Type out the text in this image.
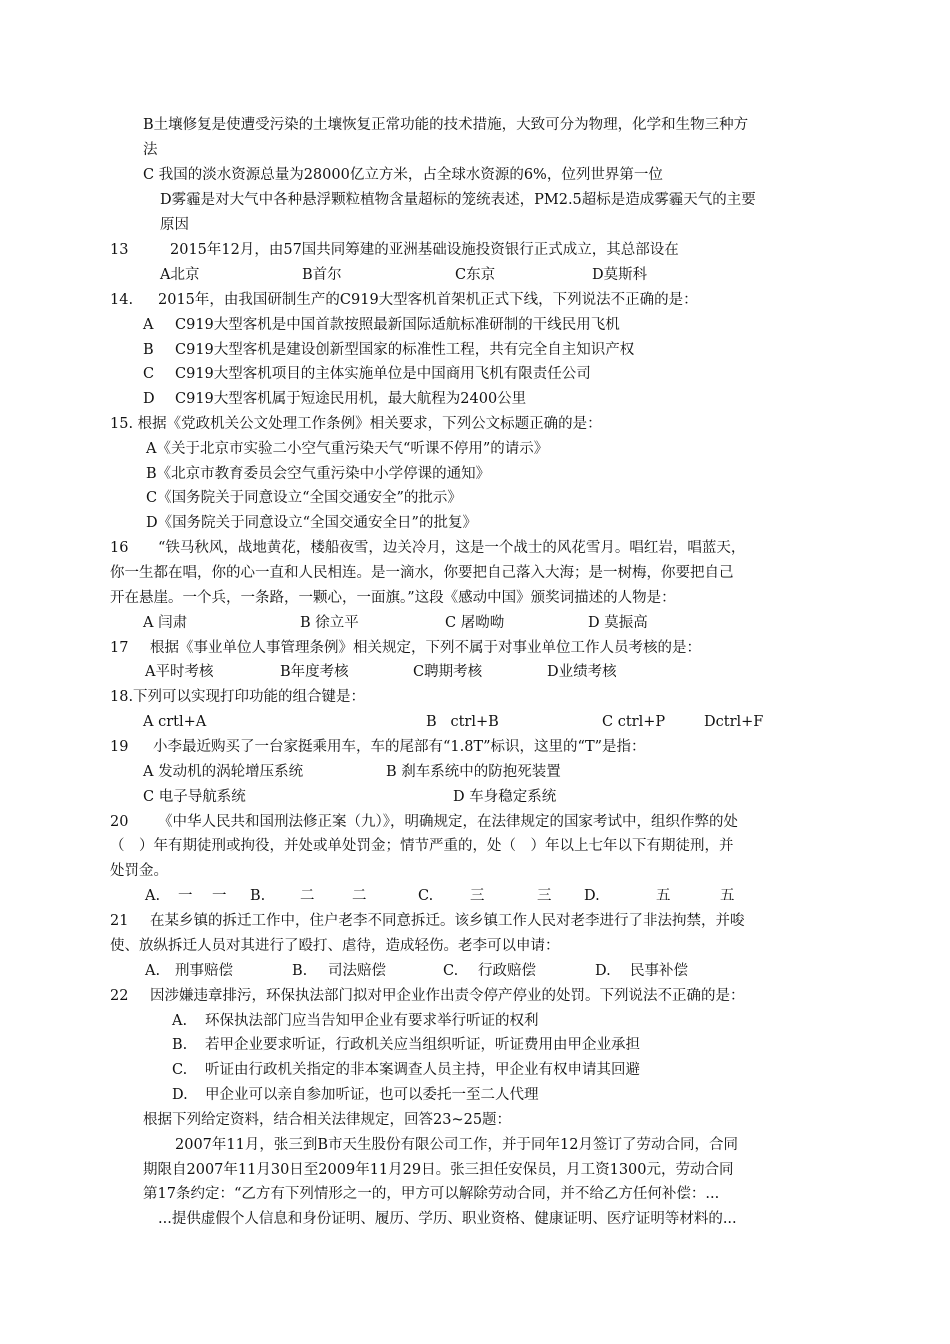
B土壤修复是使遭受污染的土壤恢复正常功能的技术措施，大致可分为物理，化学和生物三种方
法
C 我国的淡水资源总量为28000亿立方米，占全球水资源的6%，位列世界第一位
D雾霾是对大气中各种悬浮颗粒植物含量超标的笼统表述，PM2.5超标是造成雾霾天气的主要
原因
13	2015年12月，由57国共同筹建的亚洲基础设施投资银行正式成立，其总部设在
A北京	B首尔	C东京	D莫斯科
14. 2015年，由我国研制生产的C919大型客机首架机正式下线，下列说法不正确的是：
A C919大型客机是中国首款按照最新国际适航标准研制的干线民用飞机
B C919大型客机是建设创新型国家的标准性工程，共有完全自主知识产权
C C919大型客机项目的主体实施单位是中国商用飞机有限责任公司
D C919大型客机属于短途民用机，最大航程为2400公里
15. 根据《党政机关公文处理工作条例》相关要求，下列公文标题正确的是：
A《关于北京市实验二小空气重污染天气“听课不停用”的请示》
B《北京市教育委员会空气重污染中小学停课的通知》
C《国务院关于同意设立“全国交通安全”的批示》
D《国务院关于同意设立“全国交通安全日”的批复》
16 “铁马秋风，战地黄花，楼船夜雪，边关冷月，这是一个战士的风花雪月。唱红岩，唱蓝天，
你一生都在唱，你的心一直和人民相连。是一滴水，你要把自己落入大海；是一树梅，你要把自己
开在悬崖。一个兵，一条路，一颗心，一面旗。”这段《感动中国》颁奖词描述的人物是：
A 闫肃	B 徐立平	C 屠呦呦	D 莫振高
17 根据《事业单位人事管理条例》相关规定，下列不属于对事业单位工作人员考核的是：
A平时考核	B年度考核	C聘期考核	D业绩考核
18.下列可以实现打印功能的组合键是：
A crtl+A	B   ctrl+B	C ctrl+P	Dctrl+F
19 小李最近购买了一台家挺乘用车，车的尾部有“1.8T”标识，这里的“T”是指：
A 发动机的涡轮增压系统	B 刹车系统中的防抱死装置
C 电子导航系统	D 车身稳定系统
20 《中华人民共和国刑法修正案（九）》，明确规定，在法律规定的国家考试中，组织作弊的处
（　）年有期徒刑或拘役，并处或单处罚金；情节严重的，处（　）年以上七年以下有期徒刑，并
处罚金。
A. 一 一 B. 二	二	C.	三	三 D.	五	五
21 在某乡镇的拆迁工作中，住户老李不同意拆迁。该乡镇工作人民对老李进行了非法拘禁，并唆
使、放纵拆迁人员对其进行了殴打、虐待，造成轻伤。老李可以申请：
A. 刑事赔偿	B. 司法赔偿	C. 行政赔偿	D. 民事补偿
22 因涉嫌违章排污，环保执法部门拟对甲企业作出责令停产停业的处罚。下列说法不正确的是：
A. 环保执法部门应当告知甲企业有要求举行听证的权利
B. 若甲企业要求听证，行政机关应当组织听证，听证费用由甲企业承担
C. 听证由行政机关指定的非本案调查人员主持，甲企业有权申请其回避
D. 甲企业可以亲自参加听证，也可以委托一至二人代理
根据下列给定资料，结合相关法律规定，回答23~25题：
2007年11月，张三到B市天生股份有限公司工作，并于同年12月签订了劳动合同，合同
期限自2007年11月30日至2009年11月29日。张三担任安保员，月工资1300元，劳动合同
第17条约定：“乙方有下列情形之一的，甲方可以解除劳动合同，并不给乙方任何补偿：...
...提供虚假个人信息和身份证明、履历、学历、职业资格、健康证明、医疗证明等材料的...
